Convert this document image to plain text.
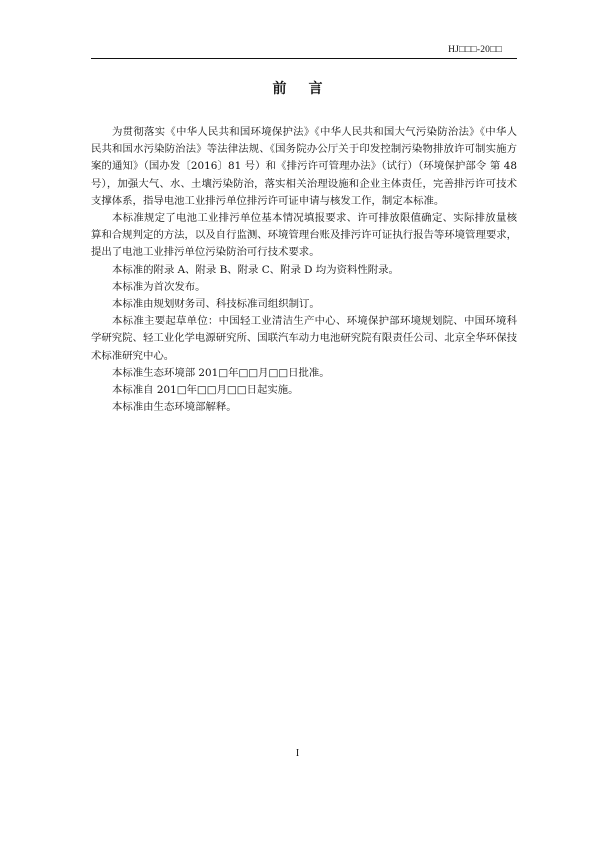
HJ□□□-20□□
前言

为贯彻落实《中华人民共和国环境保护法》《中华人民共和国大气污染防治法》《中华人民共和国水污染防治法》等法律法规、《国务院办公厅关于印发控制污染物排放许可制实施方案的通知》（国办发〔2016〕81 号）和《排污许可管理办法》（试行）（环境保护部令 第 48 号），加强大气、水、土壤污染防治，落实相关治理设施和企业主体责任，完善排污许可技术支撑体系，指导电池工业排污单位排污许可证申请与核发工作，制定本标准。

本标准规定了电池工业排污单位基本情况填报要求、许可排放限值确定、实际排放量核算和合规判定的方法，以及自行监测、环境管理台账及排污许可证执行报告等环境管理要求，提出了电池工业排污单位污染防治可行技术要求。

本标准的附录 A、附录 B、附录 C、附录 D 均为资料性附录。

本标准为首次发布。

本标准由规划财务司、科技标准司组织制订。

本标准主要起草单位：中国轻工业清洁生产中心、环境保护部环境规划院、中国环境科学研究院、轻工业化学电源研究所、国联汽车动力电池研究院有限责任公司、北京全华环保技术标准研究中心。

本标准生态环境部 201□年□□月□□日批准。

本标准自 201□年□□月□□日起实施。

本标准由生态环境部解释。

I
